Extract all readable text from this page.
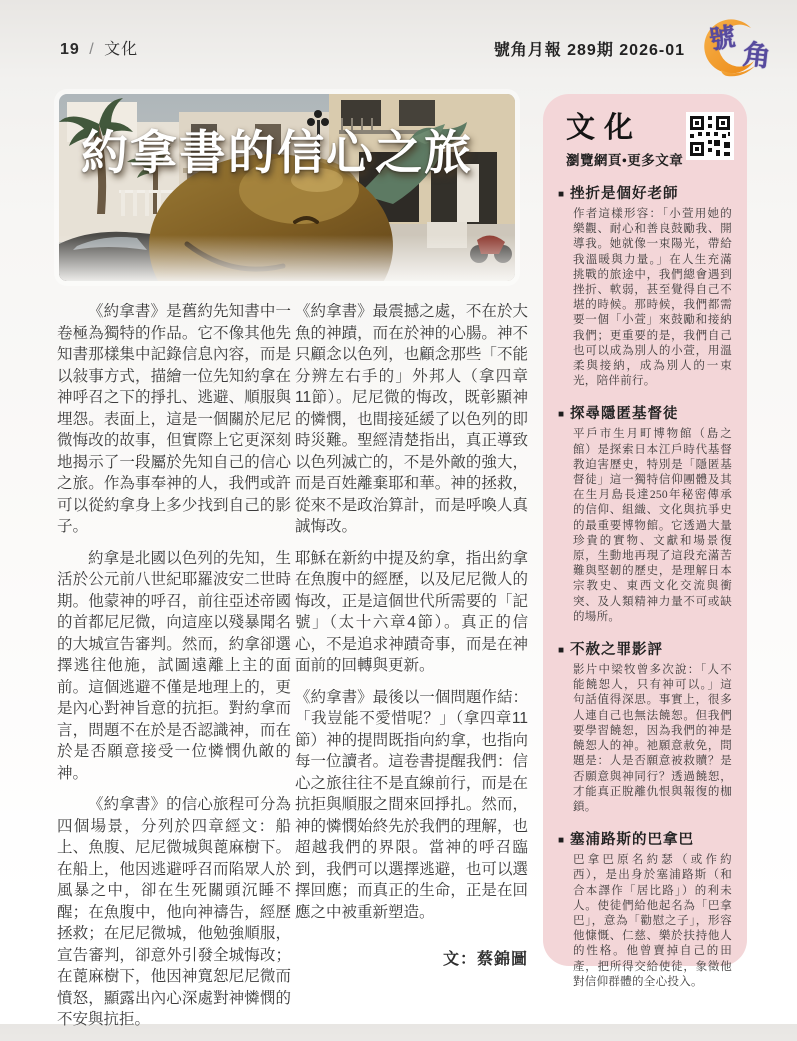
19 / 文化	號角月報 289期 2026-01 號
角
約拿書的信心之旅

《約拿書》是舊約先知書中一卷極為獨特的作品。它不像其他先知書那樣集中記錄信息內容，而是以敍事方式，描繪一位先知約拿在神呼召之下的掙扎、逃避、順服與埋怨。表面上，這是一個關於尼尼微悔改的故事，但實際上它更深刻地揭示了一段屬於先知自己的信心之旅。作為事奉神的人，我們或許可以從約拿身上多少找到自己的影子。

約拿是北國以色列的先知，生活於公元前八世紀耶羅波安二世時期。他蒙神的呼召，前往亞述帝國的首都尼尼微，向這座以殘暴聞名的大城宣告審判。然而，約拿卻選擇逃往他施，試圖遠離上主的面前。這個逃避不僅是地理上的，更是內心對神旨意的抗拒。對約拿而言，問題不在於是否認識神，而在於是否願意接受一位憐憫仇敵的神。

《約拿書》的信心旅程可分為四個場景，分列於四章經文：船上、魚腹、尼尼微城與蓖麻樹下。在船上，他因逃避呼召而陷眾人於風暴之中，卻在生死關頭沉睡不醒；在魚腹中，他向神禱告，經歷拯救；在尼尼微城，他勉強順服，宣告審判，卻意外引發全城悔改；在蓖麻樹下，他因神寬恕尼尼微而憤怒，顯露出內心深處對神憐憫的不安與抗拒。

《約拿書》最震撼之處，不在於大魚的神蹟，而在於神的心腸。神不只顧念以色列，也顧念那些「不能分辨左右手的」外邦人（拿四章11節）。尼尼微的悔改，既彰顯神的憐憫，也間接延緩了以色列的即時災難。聖經清楚指出，真正導致以色列滅亡的，不是外敵的強大，而是百姓離棄耶和華。神的拯救，從來不是政治算計，而是呼喚人真誠悔改。

耶穌在新約中提及約拿，指出約拿在魚腹中的經歷，以及尼尼微人的悔改，正是這個世代所需要的「記號」（太十六章4節）。真正的信心，不是追求神蹟奇事，而是在神面前的回轉與更新。

《約拿書》最後以一個問題作結：「我豈能不愛惜呢？」（拿四章11節）神的提問既指向約拿，也指向每一位讀者。這卷書提醒我們：信心之旅往往不是直線前行，而是在抗拒與順服之間來回掙扎。然而，神的憐憫始終先於我們的理解，也超越我們的界限。當神的呼召臨到，我們可以選擇逃避，也可以選擇回應；而真正的生命，正是在回應之中被重新塑造。

文：蔡錦圖
文化
瀏覽網頁•更多文章
■ 挫折是個好老師
作者這樣形容：「小萱用她的樂觀、耐心和善良鼓勵我、開導我。她就像一束陽光，帶給我溫暖與力量。」在人生充滿挑戰的旅途中，我們總會遇到挫折、軟弱，甚至覺得自己不堪的時候。那時候，我們都需要一個「小萱」來鼓勵和接納我們；更重要的是，我們自己也可以成為別人的小萱，用溫柔與接納，成為別人的一束光，陪伴前行。
■ 探尋隱匿基督徒
平戶市生月町博物館（島之館）是探索日本江戶時代基督教迫害歷史，特別是「隱匿基督徒」這一獨特信仰團體及其在生月島長達250年秘密傳承的信仰、組織、文化與抗爭史的最重要博物館。它透過大量珍貴的實物、文獻和場景復原，生動地再現了這段充滿苦難與堅韌的歷史，是理解日本宗教史、東西文化交流與衝突、及人類精神力量不可或缺的場所。
■ 不赦之罪影評
影片中梁牧曾多次說：「人不能饒恕人，只有神可以。」這句話值得深思。事實上，很多人連自己也無法饒恕。但我們要學習饒恕，因為我們的神是饒恕人的神。祂願意赦免，問題是：人是否願意被救贖？是否願意與神同行？透過饒恕，才能真正脫離仇恨與報復的枷鎖。
■ 塞浦路斯的巴拿巴
巴拿巴原名約瑟（或作約西），是出身於塞浦路斯（和合本譯作「居比路」）的利未人。使徒們給他起名為「巴拿巴」，意為「勸慰之子」，形容他慷慨、仁慈、樂於扶持他人的性格。他曾賣掉自己的田產，把所得交給使徒，象徵他對信仰群體的全心投入。
